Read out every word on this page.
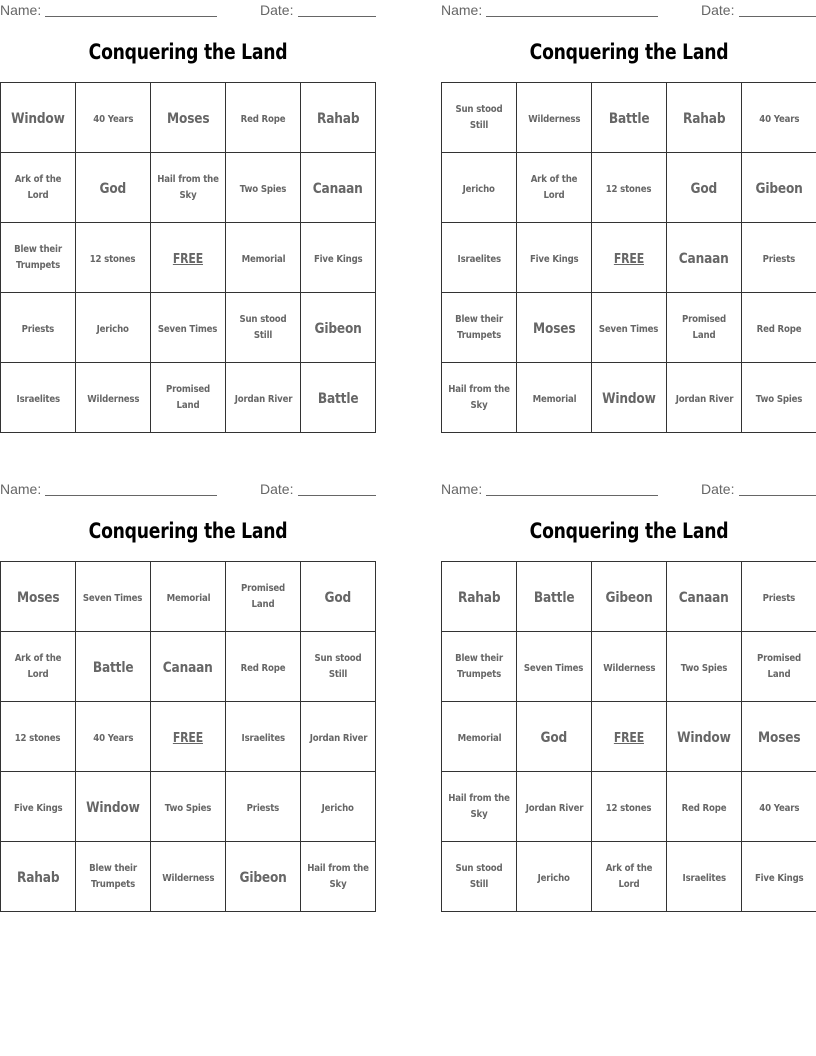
Name:	Date:
Conquering the Land
Window	40 Years	Moses	Red Rope	Rahab
Ark of the Lord	God	Hail from the Sky	Two Spies	Canaan
Blew their Trumpets	12 stones	FREE	Memorial	Five Kings
Priests	Jericho	Seven Times	Sun stood Still	Gibeon
Israelites	Wilderness	Promised Land	Jordan River	Battle
Name:	Date:
Conquering the Land
Sun stood Still	Wilderness	Battle	Rahab	40 Years
Jericho	Ark of the Lord	12 stones	God	Gibeon
Israelites	Five Kings	FREE	Canaan	Priests
Blew their Trumpets	Moses	Seven Times	Promised Land	Red Rope
Hail from the Sky	Memorial	Window	Jordan River	Two Spies
Name:	Date:
Conquering the Land
Moses	Seven Times	Memorial	Promised Land	God
Ark of the Lord	Battle	Canaan	Red Rope	Sun stood Still
12 stones	40 Years	FREE	Israelites	Jordan River
Five Kings	Window	Two Spies	Priests	Jericho
Rahab	Blew their Trumpets	Wilderness	Gibeon	Hail from the Sky
Name:	Date:
Conquering the Land
Rahab	Battle	Gibeon	Canaan	Priests
Blew their Trumpets	Seven Times	Wilderness	Two Spies	Promised Land
Memorial	God	FREE	Window	Moses
Hail from the Sky	Jordan River	12 stones	Red Rope	40 Years
Sun stood Still	Jericho	Ark of the Lord	Israelites	Five Kings
